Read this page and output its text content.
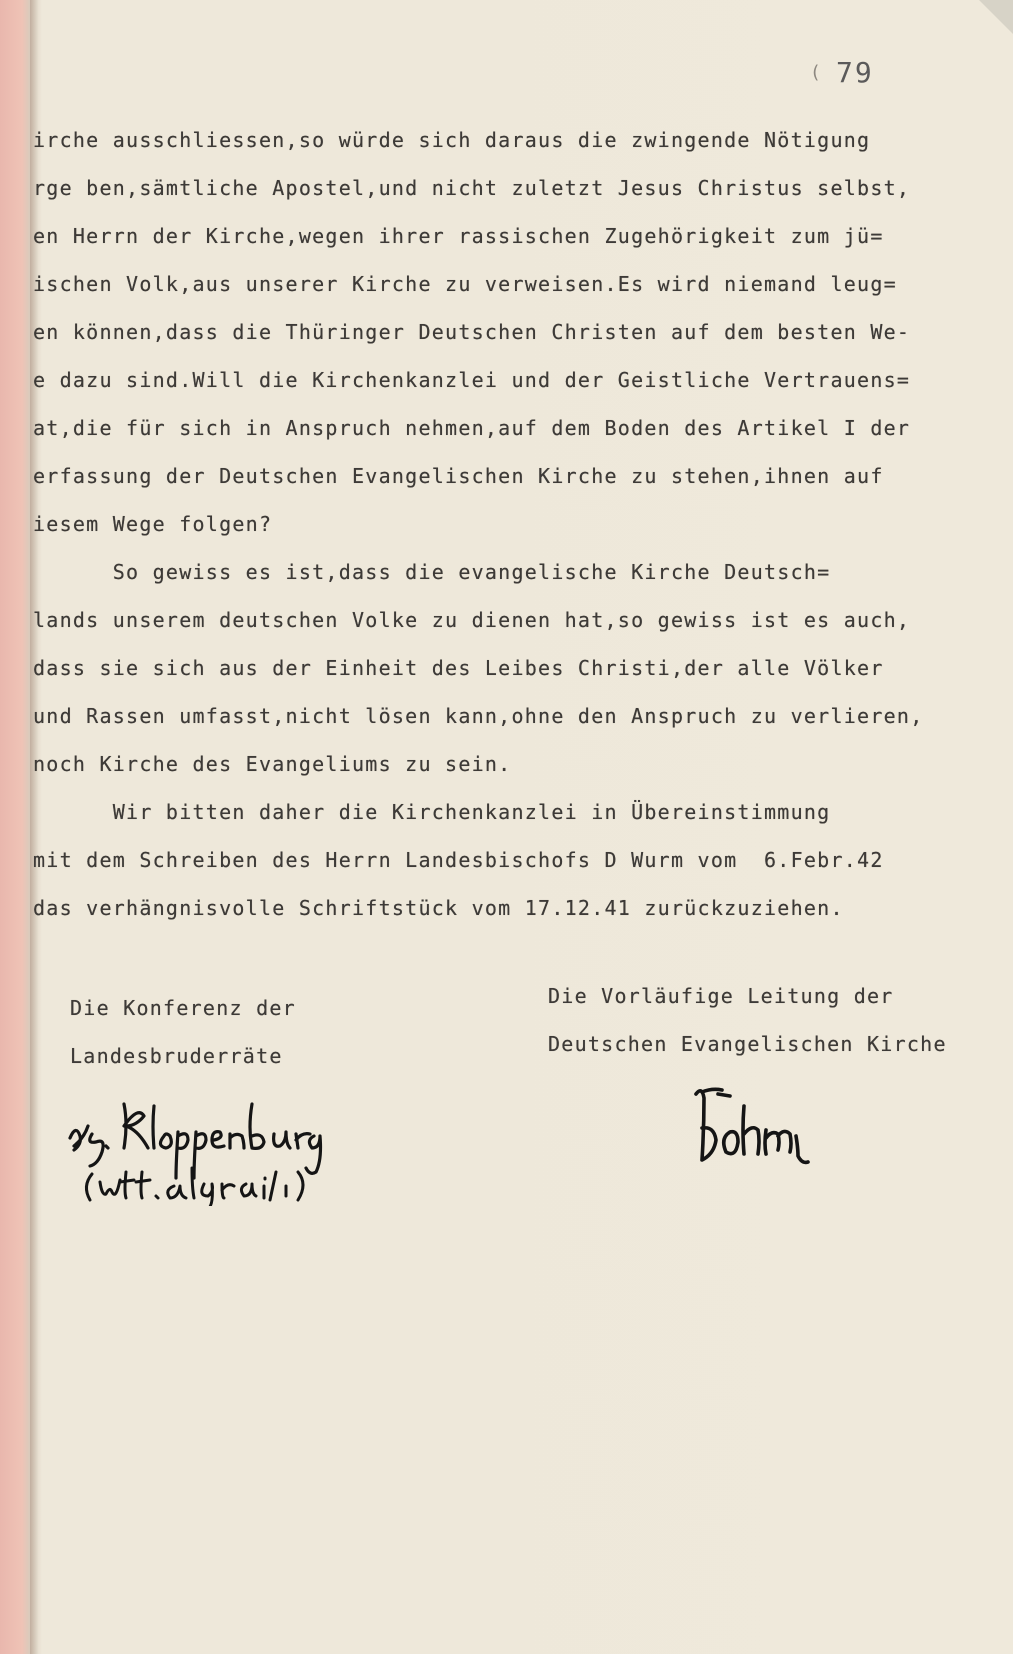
79
(

irche ausschliessen,so würde sich daraus die zwingende Nötigung

rge ben,sämtliche Apostel,und nicht zuletzt Jesus Christus selbst,

en Herrn der Kirche,wegen ihrer rassischen Zugehörigkeit zum jü=

ischen Volk,aus unserer Kirche zu verweisen.Es wird niemand leug=

en können,dass die Thüringer Deutschen Christen auf dem besten We-

e dazu sind.Will die Kirchenkanzlei und der Geistliche Vertrauens=

at,die für sich in Anspruch nehmen,auf dem Boden des Artikel I der

erfassung der Deutschen Evangelischen Kirche zu stehen,ihnen auf

iesem Wege folgen?

So gewiss es ist,dass die evangelische Kirche Deutsch=

lands unserem deutschen Volke zu dienen hat,so gewiss ist es auch,

dass sie sich aus der Einheit des Leibes Christi,der alle Völker

und Rassen umfasst,nicht lösen kann,ohne den Anspruch zu verlieren,

noch Kirche des Evangeliums zu sein.

Wir bitten daher die Kirchenkanzlei in Übereinstimmung

mit dem Schreiben des Herrn Landesbischofs D Wurm vom  6.Febr.42

das verhängnisvolle Schriftstück vom 17.12.41 zurückzuziehen.

Die Konferenz der

Landesbruderräte

Die Vorläufige Leitung der

Deutschen Evangelischen Kirche
